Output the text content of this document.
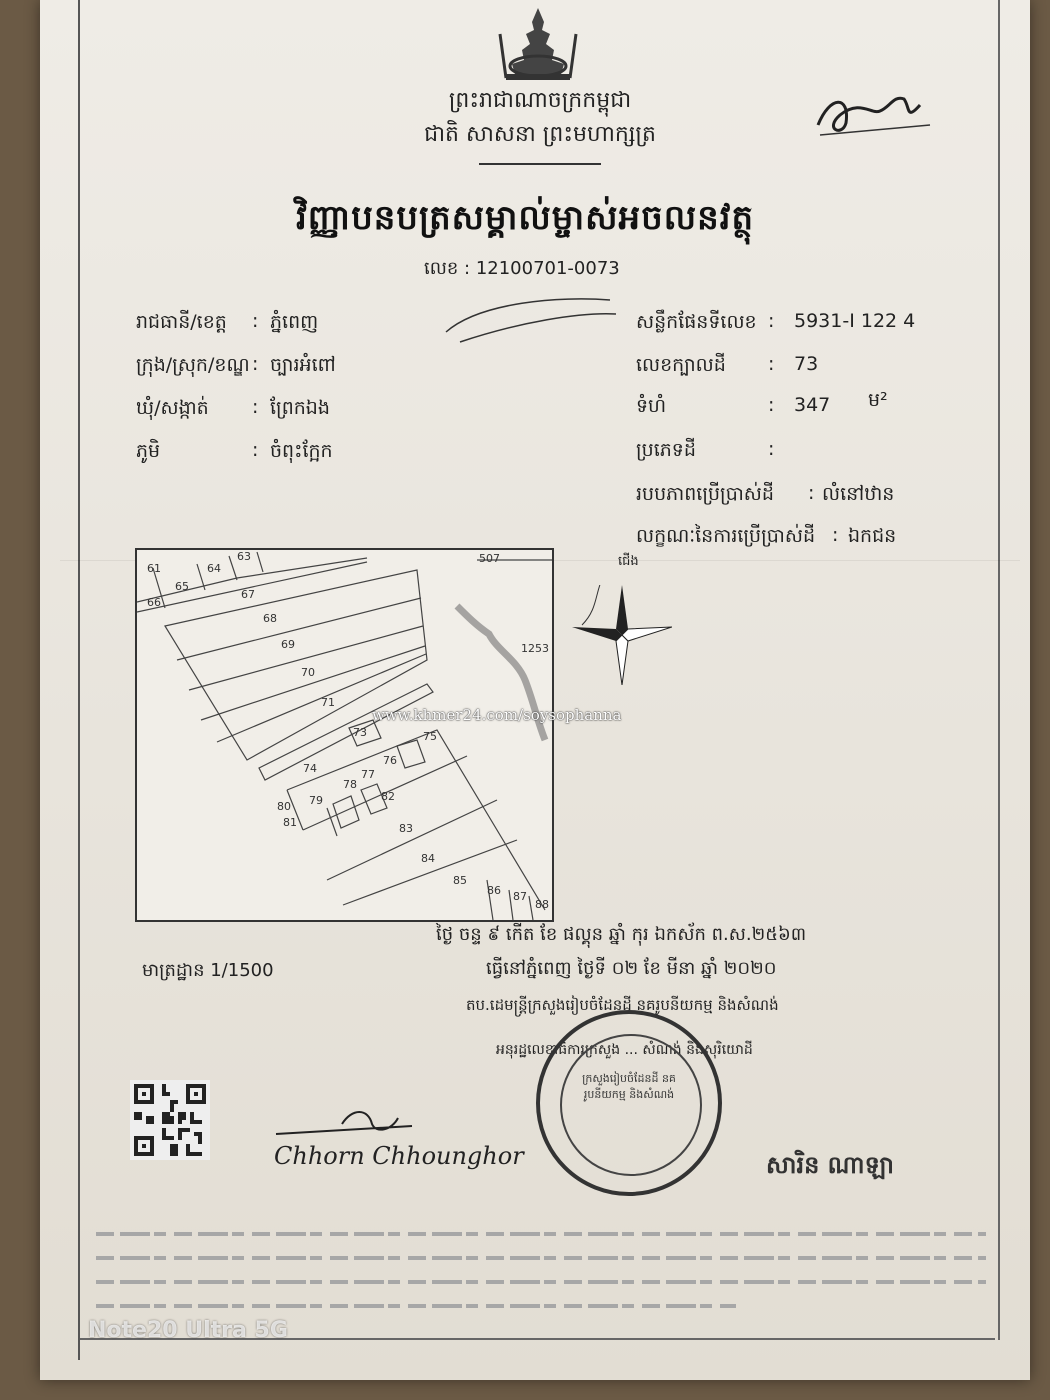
ព្រះរាជាណាចក្រកម្ពុជា
ជាតិ សាសនា ព្រះមហាក្សត្រ
វិញ្ញាបនបត្រសម្គាល់ម្ចាស់អចលនវត្ថុ
លេខ : 12100701-0073
រាជធានី/ខេត្ត : ភ្នំពេញ
ក្រុង/ស្រុក/ខណ្ឌ : ច្បារអំពៅ
ឃុំ/សង្កាត់ : ព្រែកឯង
ភូមិ	: ចំពុះក្អែក
សន្លឹកផែនទីលេខ : 5931-I 122 4
លេខក្បាលដី : 73
ទំហំ	: 347 ម²
ប្រភេទដី	:
របបភាពប្រើប្រាស់ដី : លំនៅឋាន
លក្ខណៈនៃការប្រើប្រាស់ដី : ឯកជន
61
63
64
65
66
67
68
69
70
71
73
74
75
76
77
78
79
80
81
82
83
84
85
86 87
88
507
1253
ជើង
www.khmer24.com/soysophanna
ថ្ងៃ ចន្ទ ៩ កើត ខែ ផល្គុន ឆ្នាំ កុរ ឯកស័ក ព.ស.២៥៦៣
មាត្រដ្ឋាន 1/1500	ធ្វើនៅភ្នំពេញ ថ្ងៃទី ០២ ខែ មីនា ឆ្នាំ ២០២០
តប.ដេមន្ត្រីក្រសួងរៀបចំដែនដី នគរូបនីយកម្ម និងសំណង់
អនុរដ្ឋលេខាធិការក្រសួង ... សំណង់ និងសុរិយោដី
ក្រសួងរៀបចំដែនដី នគរូបនីយកម្ម និងសំណង់
Chhorn Chhounghor	សារិន ណាឡា
Note20 Ultra 5G
